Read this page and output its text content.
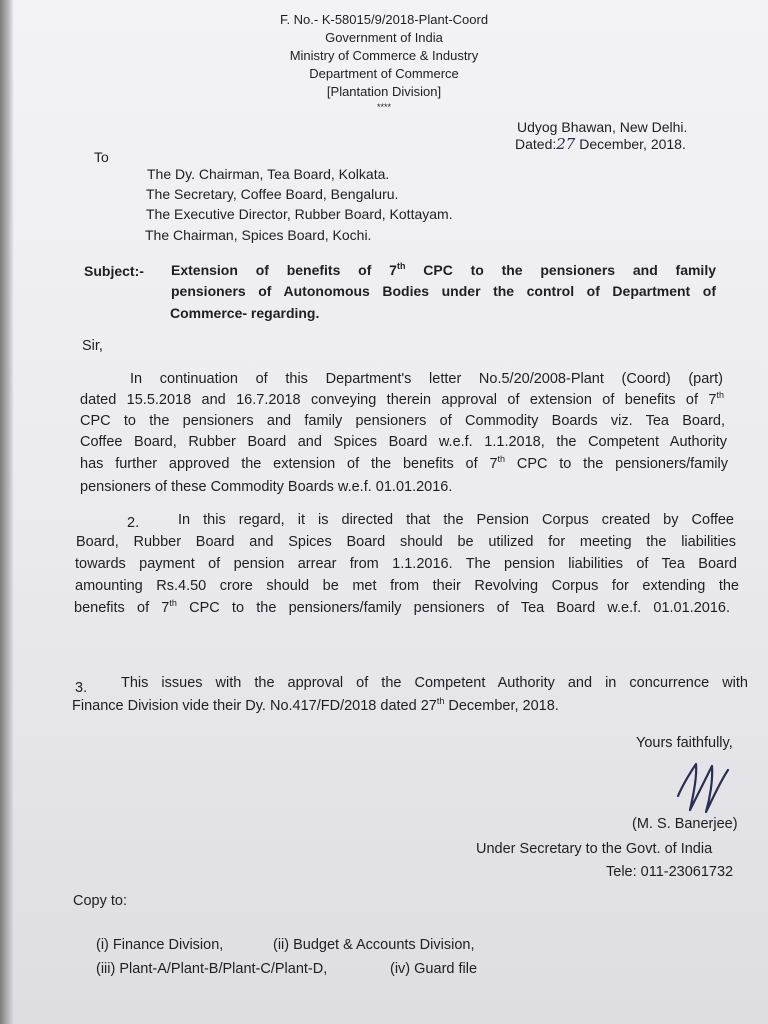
F. No.- K-58015/9/2018-Plant-Coord
Government of India
Ministry of Commerce & Industry
Department of Commerce
[Plantation Division]
****
Udyog Bhawan, New Delhi.
Dated:27 December, 2018.
To
The Dy. Chairman, Tea Board, Kolkata.
The Secretary, Coffee Board, Bengaluru.
The Executive Director, Rubber Board, Kottayam.
The Chairman, Spices Board, Kochi.
Subject:- Extension of benefits of 7th CPC to the pensioners and family
pensioners of Autonomous Bodies under the control of Department of
Commerce- regarding.
Sir,
In continuation of this Department's letter No.5/20/2008-Plant (Coord) (part)
dated 15.5.2018 and 16.7.2018 conveying therein approval of extension of benefits of 7th
CPC to the pensioners and family pensioners of Commodity Boards viz. Tea Board,
Coffee Board, Rubber Board and Spices Board w.e.f. 1.1.2018, the Competent Authority
has further approved the extension of the benefits of 7th CPC to the pensioners/family
pensioners of these Commodity Boards w.e.f. 01.01.2016.
2.	In this regard, it is directed that the Pension Corpus created by Coffee
Board, Rubber Board and Spices Board should be utilized for meeting the liabilities
towards payment of pension arrear from 1.1.2016. The pension liabilities of Tea Board
amounting Rs.4.50 crore should be met from their Revolving Corpus for extending the
benefits of 7th CPC to the pensioners/family pensioners of Tea Board w.e.f. 01.01.2016.
3. This issues with the approval of the Competent Authority and in concurrence with
Finance Division vide their Dy. No.417/FD/2018 dated 27th December, 2018.
Yours faithfully,
(M. S. Banerjee)
Under Secretary to the Govt. of India
Tele: 011-23061732
Copy to:
(i) Finance Division,	(ii) Budget & Accounts Division,
(iii) Plant-A/Plant-B/Plant-C/Plant-D,	(iv) Guard file
